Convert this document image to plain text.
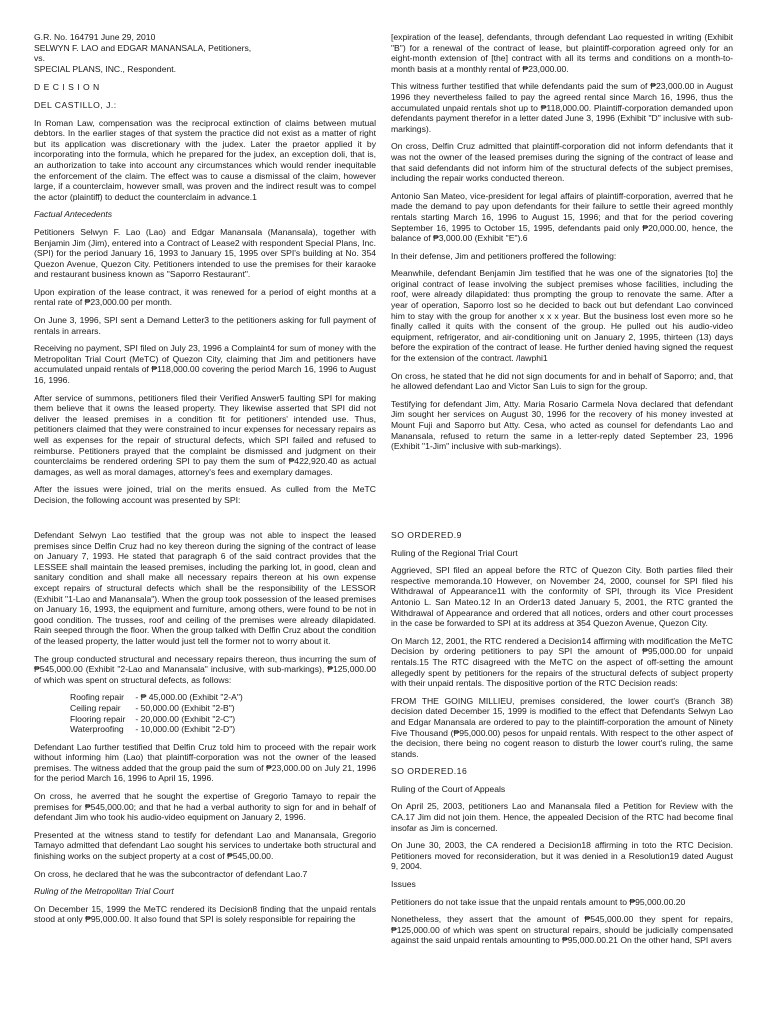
G.R. No. 164791 June 29, 2010
SELWYN F. LAO and EDGAR MANANSALA, Petitioners,
vs.
SPECIAL PLANS, INC., Respondent.

D E C I S I O N

DEL CASTILLO, J.:

In Roman Law, compensation was the reciprocal extinction of claims between mutual debtors. In the earlier stages of that system the practice did not exist as a matter of right but its application was discretionary with the judex. Later the praetor applied it by incorporating into the formula, which he prepared for the judex, an exception doli, that is, an authorization to take into account any circumstances which would render inequitable the enforcement of the claim. The effect was to cause a dismissal of the claim, however large, if a counterclaim, however small, was proven and the indirect result was to compel the actor (plaintiff) to deduct the counterclaim in advance.1

Factual Antecedents

Petitioners Selwyn F. Lao (Lao) and Edgar Manansala (Manansala), together with Benjamin Jim (Jim), entered into a Contract of Lease2 with respondent Special Plans, Inc. (SPI) for the period January 16, 1993 to January 15, 1995 over SPI's building at No. 354 Quezon Avenue, Quezon City. Petitioners intended to use the premises for their karaoke and restaurant business known as "Saporro Restaurant".

Upon expiration of the lease contract, it was renewed for a period of eight months at a rental rate of ₱23,000.00 per month.

On June 3, 1996, SPI sent a Demand Letter3 to the petitioners asking for full payment of rentals in arrears.

Receiving no payment, SPI filed on July 23, 1996 a Complaint4 for sum of money with the Metropolitan Trial Court (MeTC) of Quezon City, claiming that Jim and petitioners have accumulated unpaid rentals of ₱118,000.00 covering the period March 16, 1996 to August 16, 1996.

After service of summons, petitioners filed their Verified Answer5 faulting SPI for making them believe that it owns the leased property. They likewise asserted that SPI did not deliver the leased premises in a condition fit for petitioners' intended use. Thus, petitioners claimed that they were constrained to incur expenses for necessary repairs as well as expenses for the repair of structural defects, which SPI failed and refused to reimburse. Petitioners prayed that the complaint be dismissed and judgment on their counterclaims be rendered ordering SPI to pay them the sum of ₱422,920.40 as actual damages, as well as moral damages, attorney's fees and exemplary damages.

After the issues were joined, trial on the merits ensued. As culled from the MeTC Decision, the following account was presented by SPI:

[expiration of the lease], defendants, through defendant Lao requested in writing (Exhibit "B") for a renewal of the contract of lease, but plaintiff-corporation agreed only for an eight-month extension of [the] contract with all its terms and conditions on a month-to-month basis at a monthly rental of ₱23,000.00.

This witness further testified that while defendants paid the sum of ₱23,000.00 in August 1996 they nevertheless failed to pay the agreed rental since March 16, 1996, thus the accumulated unpaid rentals shot up to ₱118,000.00. Plaintiff-corporation demanded upon defendants payment therefor in a letter dated June 3, 1996 (Exhibit "D" inclusive with sub-markings).

On cross, Delfin Cruz admitted that plaintiff-corporation did not inform defendants that it was not the owner of the leased premises during the signing of the contract of lease and that said defendants did not inform him of the structural defects of the subject premises, including the repair works conducted thereon.

Antonio San Mateo, vice-president for legal affairs of plaintiff-corporation, averred that he made the demand to pay upon defendants for their failure to settle their agreed monthly rentals starting March 16, 1996 to August 15, 1996; and that for the period covering September 16, 1995 to October 15, 1995, defendants paid only ₱20,000.00, hence, the balance of ₱3,000.00 (Exhibit "E").6

In their defense, Jim and petitioners proffered the following:

Meanwhile, defendant Benjamin Jim testified that he was one of the signatories [to] the original contract of lease involving the subject premises whose facilities, including the roof, were already dilapidated: thus prompting the group to renovate the same. After a year of operation, Saporro lost so he decided to back out but defendant Lao convinced him to stay with the group for another x x x year. But the business lost even more so he finally called it quits with the consent of the group. He pulled out his audio-video equipment, refrigerator, and air-conditioning unit on January 2, 1995, thirteen (13) days before the expiration of the contract of lease. He further denied having signed the request for the extension of the contract. /lawphi1

On cross, he stated that he did not sign documents for and in behalf of Saporro; and, that he allowed defendant Lao and Victor San Luis to sign for the group.

Testifying for defendant Jim, Atty. Maria Rosario Carmela Nova declared that defendant Jim sought her services on August 30, 1996 for the recovery of his money invested at Mount Fuji and Saporro but Atty. Cesa, who acted as counsel for defendants Lao and Manansala, refused to return the same in a letter-reply dated September 23, 1996 (Exhibit "1-Jim" inclusive with sub-markings).

Defendant Selwyn Lao testified that the group was not able to inspect the leased premises since Delfin Cruz had no key thereon during the signing of the contract of lease on January 7, 1993. He stated that paragraph 6 of the said contract provides that the LESSEE shall maintain the leased premises, including the parking lot, in good, clean and sanitary condition and shall make all necessary repairs thereon at his own expense except repairs of structural defects which shall be the responsibility of the LESSOR (Exhibit "1-Lao and Manansala"). When the group took possession of the leased premises on January 16, 1993, the equipment and furniture, among others, were found to be not in good condition. The trusses, roof and ceiling of the premises were already dilapidated. Rain seeped through the floor. When the group talked with Delfin Cruz about the condition of the leased property, the latter would just tell the former not to worry about it.

The group conducted structural and necessary repairs thereon, thus incurring the sum of ₱545,000.00 (Exhibit "2-Lao and Manansala" inclusive, with sub-markings), ₱125,000.00 of which was spent on structural defects, as follows:

Roofing repair	- ₱ 45,000.00 (Exhibit "2-A")
Ceiling repair	- 50,000.00 (Exhibit "2-B")
Flooring repair	- 20,000.00 (Exhibit "2-C")
Waterproofing	- 10,000.00 (Exhibit "2-D")

Defendant Lao further testified that Delfin Cruz told him to proceed with the repair work without informing him (Lao) that plaintiff-corporation was not the owner of the leased premises. The witness added that the group paid the sum of ₱23,000.00 on July 21, 1996 for the period March 16, 1996 to April 15, 1996.

On cross, he averred that he sought the expertise of Gregorio Tamayo to repair the premises for ₱545,000.00; and that he had a verbal authority to sign for and in behalf of defendant Jim who took his audio-video equipment on January 2, 1996.

Presented at the witness stand to testify for defendant Lao and Manansala, Gregorio Tamayo admitted that defendant Lao sought his services to undertake both structural and finishing works on the subject property at a cost of ₱545,00.00.

On cross, he declared that he was the subcontractor of defendant Lao.7

Ruling of the Metropolitan Trial Court

On December 15, 1999 the MeTC rendered its Decision8 finding that the unpaid rentals stood at only ₱95,000.00. It also found that SPI is solely responsible for repairing the

SO ORDERED.9

Ruling of the Regional Trial Court

Aggrieved, SPI filed an appeal before the RTC of Quezon City. Both parties filed their respective memoranda.10 However, on November 24, 2000, counsel for SPI filed his Withdrawal of Appearance11 with the conformity of SPI, through its Vice President Antonio L. San Mateo.12 In an Order13 dated January 5, 2001, the RTC granted the Withdrawal of Appearance and ordered that all notices, orders and other court processes in the case be forwarded to SPI at its address at 354 Quezon Avenue, Quezon City.

On March 12, 2001, the RTC rendered a Decision14 affirming with modification the MeTC Decision by ordering petitioners to pay SPI the amount of ₱95,000.00 for unpaid rentals.15 The RTC disagreed with the MeTC on the aspect of off-setting the amount allegedly spent by petitioners for the repairs of the structural defects of subject property with their unpaid rentals. The dispositive portion of the RTC Decision reads:

FROM THE GOING MILLIEU, premises considered, the lower court's (Branch 38) decision dated December 15, 1999 is modified to the effect that Defendants Selwyn Lao and Edgar Manansala are ordered to pay to the plaintiff-corporation the amount of Ninety Five Thousand (₱95,000.00) pesos for unpaid rentals. With respect to the other aspect of the decision, there being no cogent reason to disturb the lower court's ruling, the same stands.

SO ORDERED.16

Ruling of the Court of Appeals

On April 25, 2003, petitioners Lao and Manansala filed a Petition for Review with the CA.17 Jim did not join them. Hence, the appealed Decision of the RTC had become final insofar as Jim is concerned.

On June 30, 2003, the CA rendered a Decision18 affirming in toto the RTC Decision. Petitioners moved for reconsideration, but it was denied in a Resolution19 dated August 9, 2004.

Issues

Petitioners do not take issue that the unpaid rentals amount to ₱95,000.00.20

Nonetheless, they assert that the amount of ₱545,000.00 they spent for repairs, ₱125,000.00 of which was spent on structural repairs, should be judicially compensated against the said unpaid rentals amounting to ₱95,000.00.21 On the other hand, SPI avers
